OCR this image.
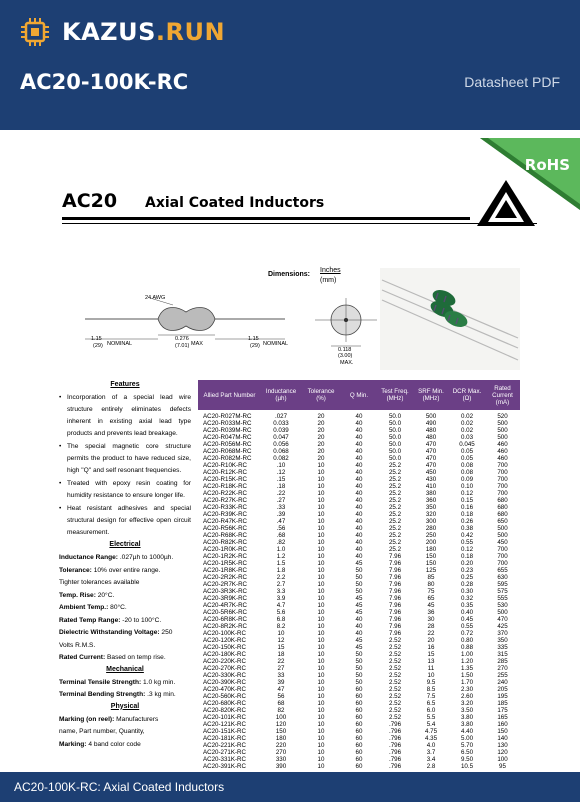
KAZUS.RUN
AC20-100K-RC	Datasheet PDF
RoHS
AC20 Axial Coated Inductors
Dimensions:
Inches
(mm)
24 AWG
1.15
(29) NOMINAL
0.276
(7.01) MAX
1.15
(29) NOMINAL
0.118
(3.00)
MAX.
Features
• Incorporation of a special lead wire structure entirely eliminates defects inherent in existing axial lead type products and prevents lead breakage.
• The special magnetic core structure permits the product to have reduced size, high "Q" and self resonant frequencies.
• Treated with epoxy resin coating for humidity resistance to ensure longer life.
• Heat resistant adhesives and special structural design for effective open circuit measurement.
Electrical
Inductance Range: .027µh to 1000µh.
Tolerance: 10% over entire range.
Tighter tolerances available
Temp. Rise: 20°C.
Ambient Temp.: 80°C.
Rated Temp Range: -20 to 100°C.
Dielectric Withstanding Voltage: 250
Volts R.M.S.
Rated Current: Based on temp rise.
Mechanical
Terminal Tensile Strength: 1.0 kg min.
Terminal Bending Strength: .3 kg min.
Physical
Marking (on reel): Manufacturers
name, Part number, Quantity,
Marking: 4 band color code
Allied Part Number	Inductance (µh)	Tolerance (%)	Q Min.	Test Freq. (MHz)	SRF Min. (MHz)	DCR Max. (Ω)	Rated Current (mA)
AC20-R027M-RC	.027	20	40	50.0	500	0.02	520
AC20-R033M-RC	0.033	20	40	50.0	490	0.02	500
AC20-R039M-RC	0.039	20	40	50.0	480	0.02	500
AC20-R047M-RC	0.047	20	40	50.0	480	0.03	500
AC20-R056M-RC	0.056	20	40	50.0	470	0.045	460
AC20-R068M-RC	0.068	20	40	50.0	470	0.05	460
AC20-R082M-RC	0.082	20	40	50.0	470	0.05	460
AC20-R10K-RC	.10	10	40	25.2	470	0.08	700
AC20-R12K-RC	.12	10	40	25.2	450	0.08	700
AC20-R15K-RC	.15	10	40	25.2	430	0.09	700
AC20-R18K-RC	.18	10	40	25.2	410	0.10	700
AC20-R22K-RC	.22	10	40	25.2	380	0.12	700
AC20-R27K-RC	.27	10	40	25.2	360	0.15	680
AC20-R33K-RC	.33	10	40	25.2	350	0.16	680
AC20-R39K-RC	.39	10	40	25.2	320	0.18	680
AC20-R47K-RC	.47	10	40	25.2	300	0.26	650
AC20-R56K-RC	.56	10	40	25.2	280	0.38	500
AC20-R68K-RC	.68	10	40	25.2	250	0.42	500
AC20-R82K-RC	.82	10	40	25.2	200	0.55	450
AC20-1R0K-RC	1.0	10	40	25.2	180	0.12	700
AC20-1R2K-RC	1.2	10	40	7.96	150	0.18	700
AC20-1R5K-RC	1.5	10	45	7.96	150	0.20	700
AC20-1R8K-RC	1.8	10	50	7.96	125	0.23	655
AC20-2R2K-RC	2.2	10	50	7.96	85	0.25	630
AC20-2R7K-RC	2.7	10	50	7.96	80	0.28	595
AC20-3R3K-RC	3.3	10	50	7.96	75	0.30	575
AC20-3R9K-RC	3.9	10	45	7.96	65	0.32	555
AC20-4R7K-RC	4.7	10	45	7.96	45	0.35	530
AC20-5R6K-RC	5.6	10	45	7.96	36	0.40	500
AC20-6R8K-RC	6.8	10	40	7.96	30	0.45	470
AC20-8R2K-RC	8.2	10	40	7.96	28	0.55	425
AC20-100K-RC	10	10	40	7.96	22	0.72	370
AC20-120K-RC	12	10	45	2.52	20	0.80	350
AC20-150K-RC	15	10	45	2.52	16	0.88	335
AC20-180K-RC	18	10	50	2.52	15	1.00	315
AC20-220K-RC	22	10	50	2.52	13	1.20	285
AC20-270K-RC	27	10	50	2.52	11	1.35	270
AC20-330K-RC	33	10	50	2.52	10	1.50	255
AC20-390K-RC	39	10	50	2.52	9.5	1.70	240
AC20-470K-RC	47	10	60	2.52	8.5	2.30	205
AC20-560K-RC	56	10	60	2.52	7.5	2.60	195
AC20-680K-RC	68	10	60	2.52	6.5	3.20	185
AC20-820K-RC	82	10	60	2.52	6.0	3.50	175
AC20-101K-RC	100	10	60	2.52	5.5	3.80	165
AC20-121K-RC	120	10	60	.796	5.4	3.80	160
AC20-151K-RC	150	10	60	.796	4.75	4.40	150
AC20-181K-RC	180	10	60	.796	4.35	5.00	140
AC20-221K-RC	220	10	60	.796	4.0	5.70	130
AC20-271K-RC	270	10	60	.796	3.7	6.50	120
AC20-331K-RC	330	10	60	.796	3.4	9.50	100
AC20-391K-RC	390	10	60	.796	2.8	10.5	95
AC20-100K-RC: Axial Coated Inductors
